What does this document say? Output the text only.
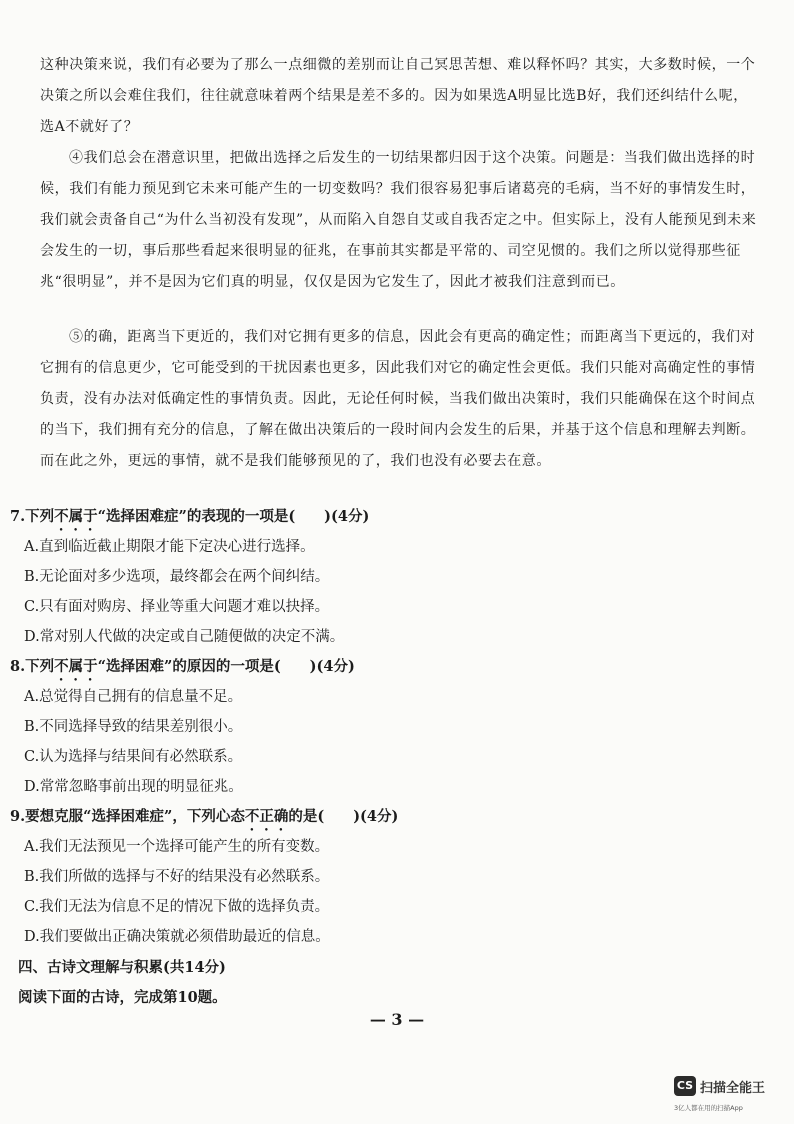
这种决策来说，我们有必要为了那么一点细微的差别而让自己冥思苦想、难以释怀吗？其实，大多数时候，一个决策之所以会难住我们，往往就意味着两个结果是差不多的。因为如果选A明显比选B好，我们还纠结什么呢，选A不就好了？

④我们总会在潜意识里，把做出选择之后发生的一切结果都归因于这个决策。问题是：当我们做出选择的时候，我们有能力预见到它未来可能产生的一切变数吗？我们很容易犯事后诸葛亮的毛病，当不好的事情发生时，我们就会责备自己“为什么当初没有发现”，从而陷入自怨自艾或自我否定之中。但实际上，没有人能预见到未来会发生的一切，事后那些看起来很明显的征兆，在事前其实都是平常的、司空见惯的。我们之所以觉得那些征兆“很明显”，并不是因为它们真的明显，仅仅是因为它发生了，因此才被我们注意到而已。

⑤的确，距离当下更近的，我们对它拥有更多的信息，因此会有更高的确定性；而距离当下更远的，我们对它拥有的信息更少，它可能受到的干扰因素也更多，因此我们对它的确定性会更低。我们只能对高确定性的事情负责，没有办法对低确定性的事情负责。因此，无论任何时候，当我们做出决策时，我们只能确保在这个时间点的当下，我们拥有充分的信息，了解在做出决策后的一段时间内会发生的后果，并基于这个信息和理解去判断。而在此之外，更远的事情，就不是我们能够预见的了，我们也没有必要去在意。

7.下列不属于“选择困难症”的表现的一项是(　　)(4分)

A.直到临近截止期限才能下定决心进行选择。

B.无论面对多少选项，最终都会在两个间纠结。

C.只有面对购房、择业等重大问题才难以抉择。

D.常对别人代做的决定或自己随便做的决定不满。

8.下列不属于“选择困难”的原因的一项是(　　)(4分)

A.总觉得自己拥有的信息量不足。

B.不同选择导致的结果差别很小。

C.认为选择与结果间有必然联系。

D.常常忽略事前出现的明显征兆。

9.要想克服“选择困难症”，下列心态不正确的是(　　)(4分)

A.我们无法预见一个选择可能产生的所有变数。

B.我们所做的选择与不好的结果没有必然联系。

C.我们无法为信息不足的情况下做的选择负责。

D.我们要做出正确决策就必须借助最近的信息。

四、古诗文理解与积累(共14分)

阅读下面的古诗，完成第10题。

— 3 —
CS 扫描全能王
3亿人都在用的扫描App
